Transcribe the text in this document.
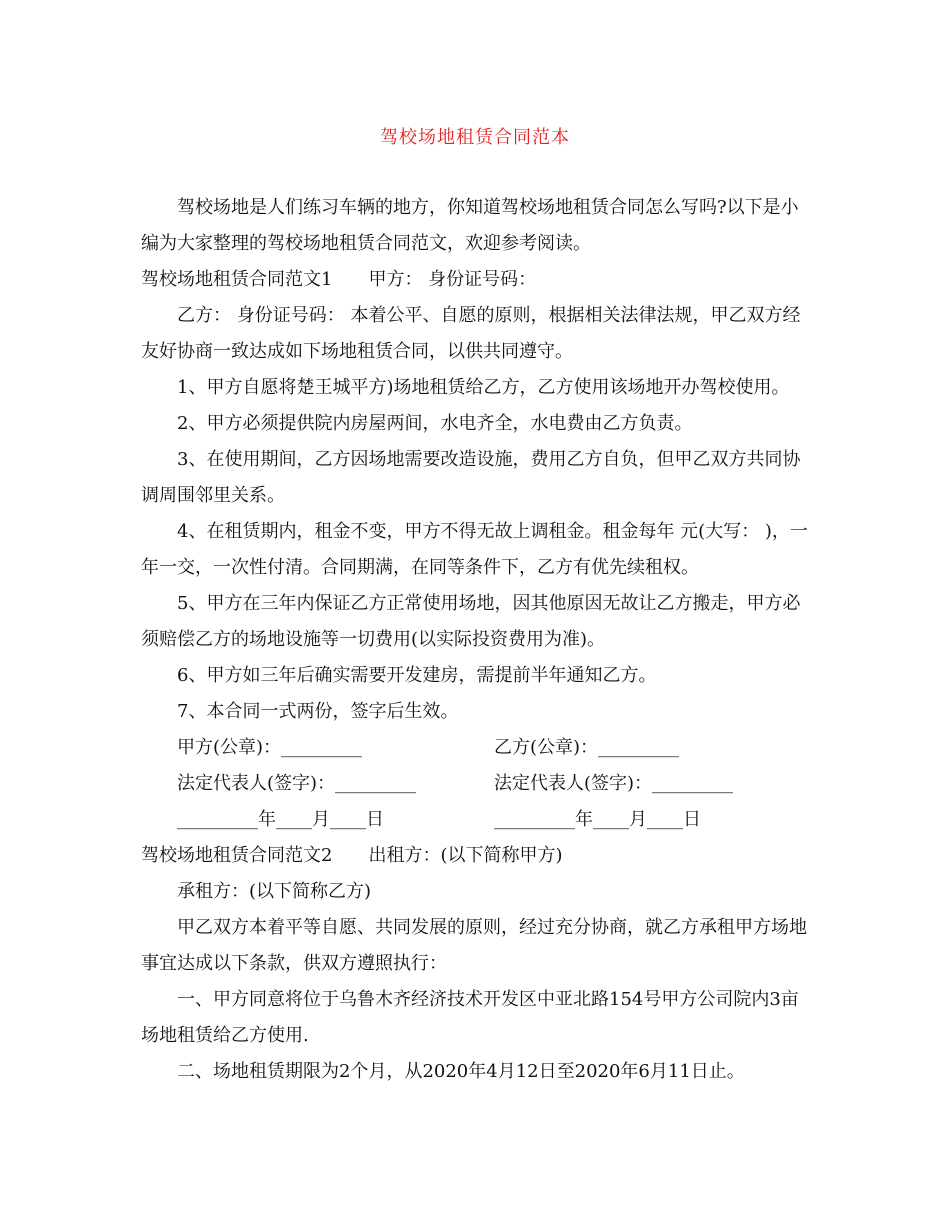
驾校场地租赁合同范本

驾校场地是人们练习车辆的地方，你知道驾校场地租赁合同怎么写吗?以下是小编为大家整理的驾校场地租赁合同范文，欢迎参考阅读。

驾校场地租赁合同范文1 甲方： 身份证号码：

乙方： 身份证号码： 本着公平、自愿的原则，根据相关法律法规，甲乙双方经友好协商一致达成如下场地租赁合同，以供共同遵守。

1、甲方自愿将楚王城平方)场地租赁给乙方，乙方使用该场地开办驾校使用。

2、甲方必须提供院内房屋两间，水电齐全，水电费由乙方负责。

3、在使用期间，乙方因场地需要改造设施，费用乙方自负，但甲乙双方共同协调周围邻里关系。

4、在租赁期内，租金不变，甲方不得无故上调租金。租金每年 元(大写： )，一年一交，一次性付清。合同期满，在同等条件下，乙方有优先续租权。

5、甲方在三年内保证乙方正常使用场地，因其他原因无故让乙方搬走，甲方必须赔偿乙方的场地设施等一切费用(以实际投资费用为准)。

6、甲方如三年后确实需要开发建房，需提前半年通知乙方。

7、本合同一式两份，签字后生效。

甲方(公章)：_________	乙方(公章)：_________
法定代表人(签字)：_________	法定代表人(签字)：_________
_________年____月____日	_________年____月____日

驾校场地租赁合同范文2 出租方：(以下简称甲方)

承租方：(以下简称乙方)

甲乙双方本着平等自愿、共同发展的原则，经过充分协商，就乙方承租甲方场地事宜达成以下条款，供双方遵照执行：

一、甲方同意将位于乌鲁木齐经济技术开发区中亚北路154号甲方公司院内3亩场地租赁给乙方使用.

二、场地租赁期限为2个月，从2020年4月12日至2020年6月11日止。
